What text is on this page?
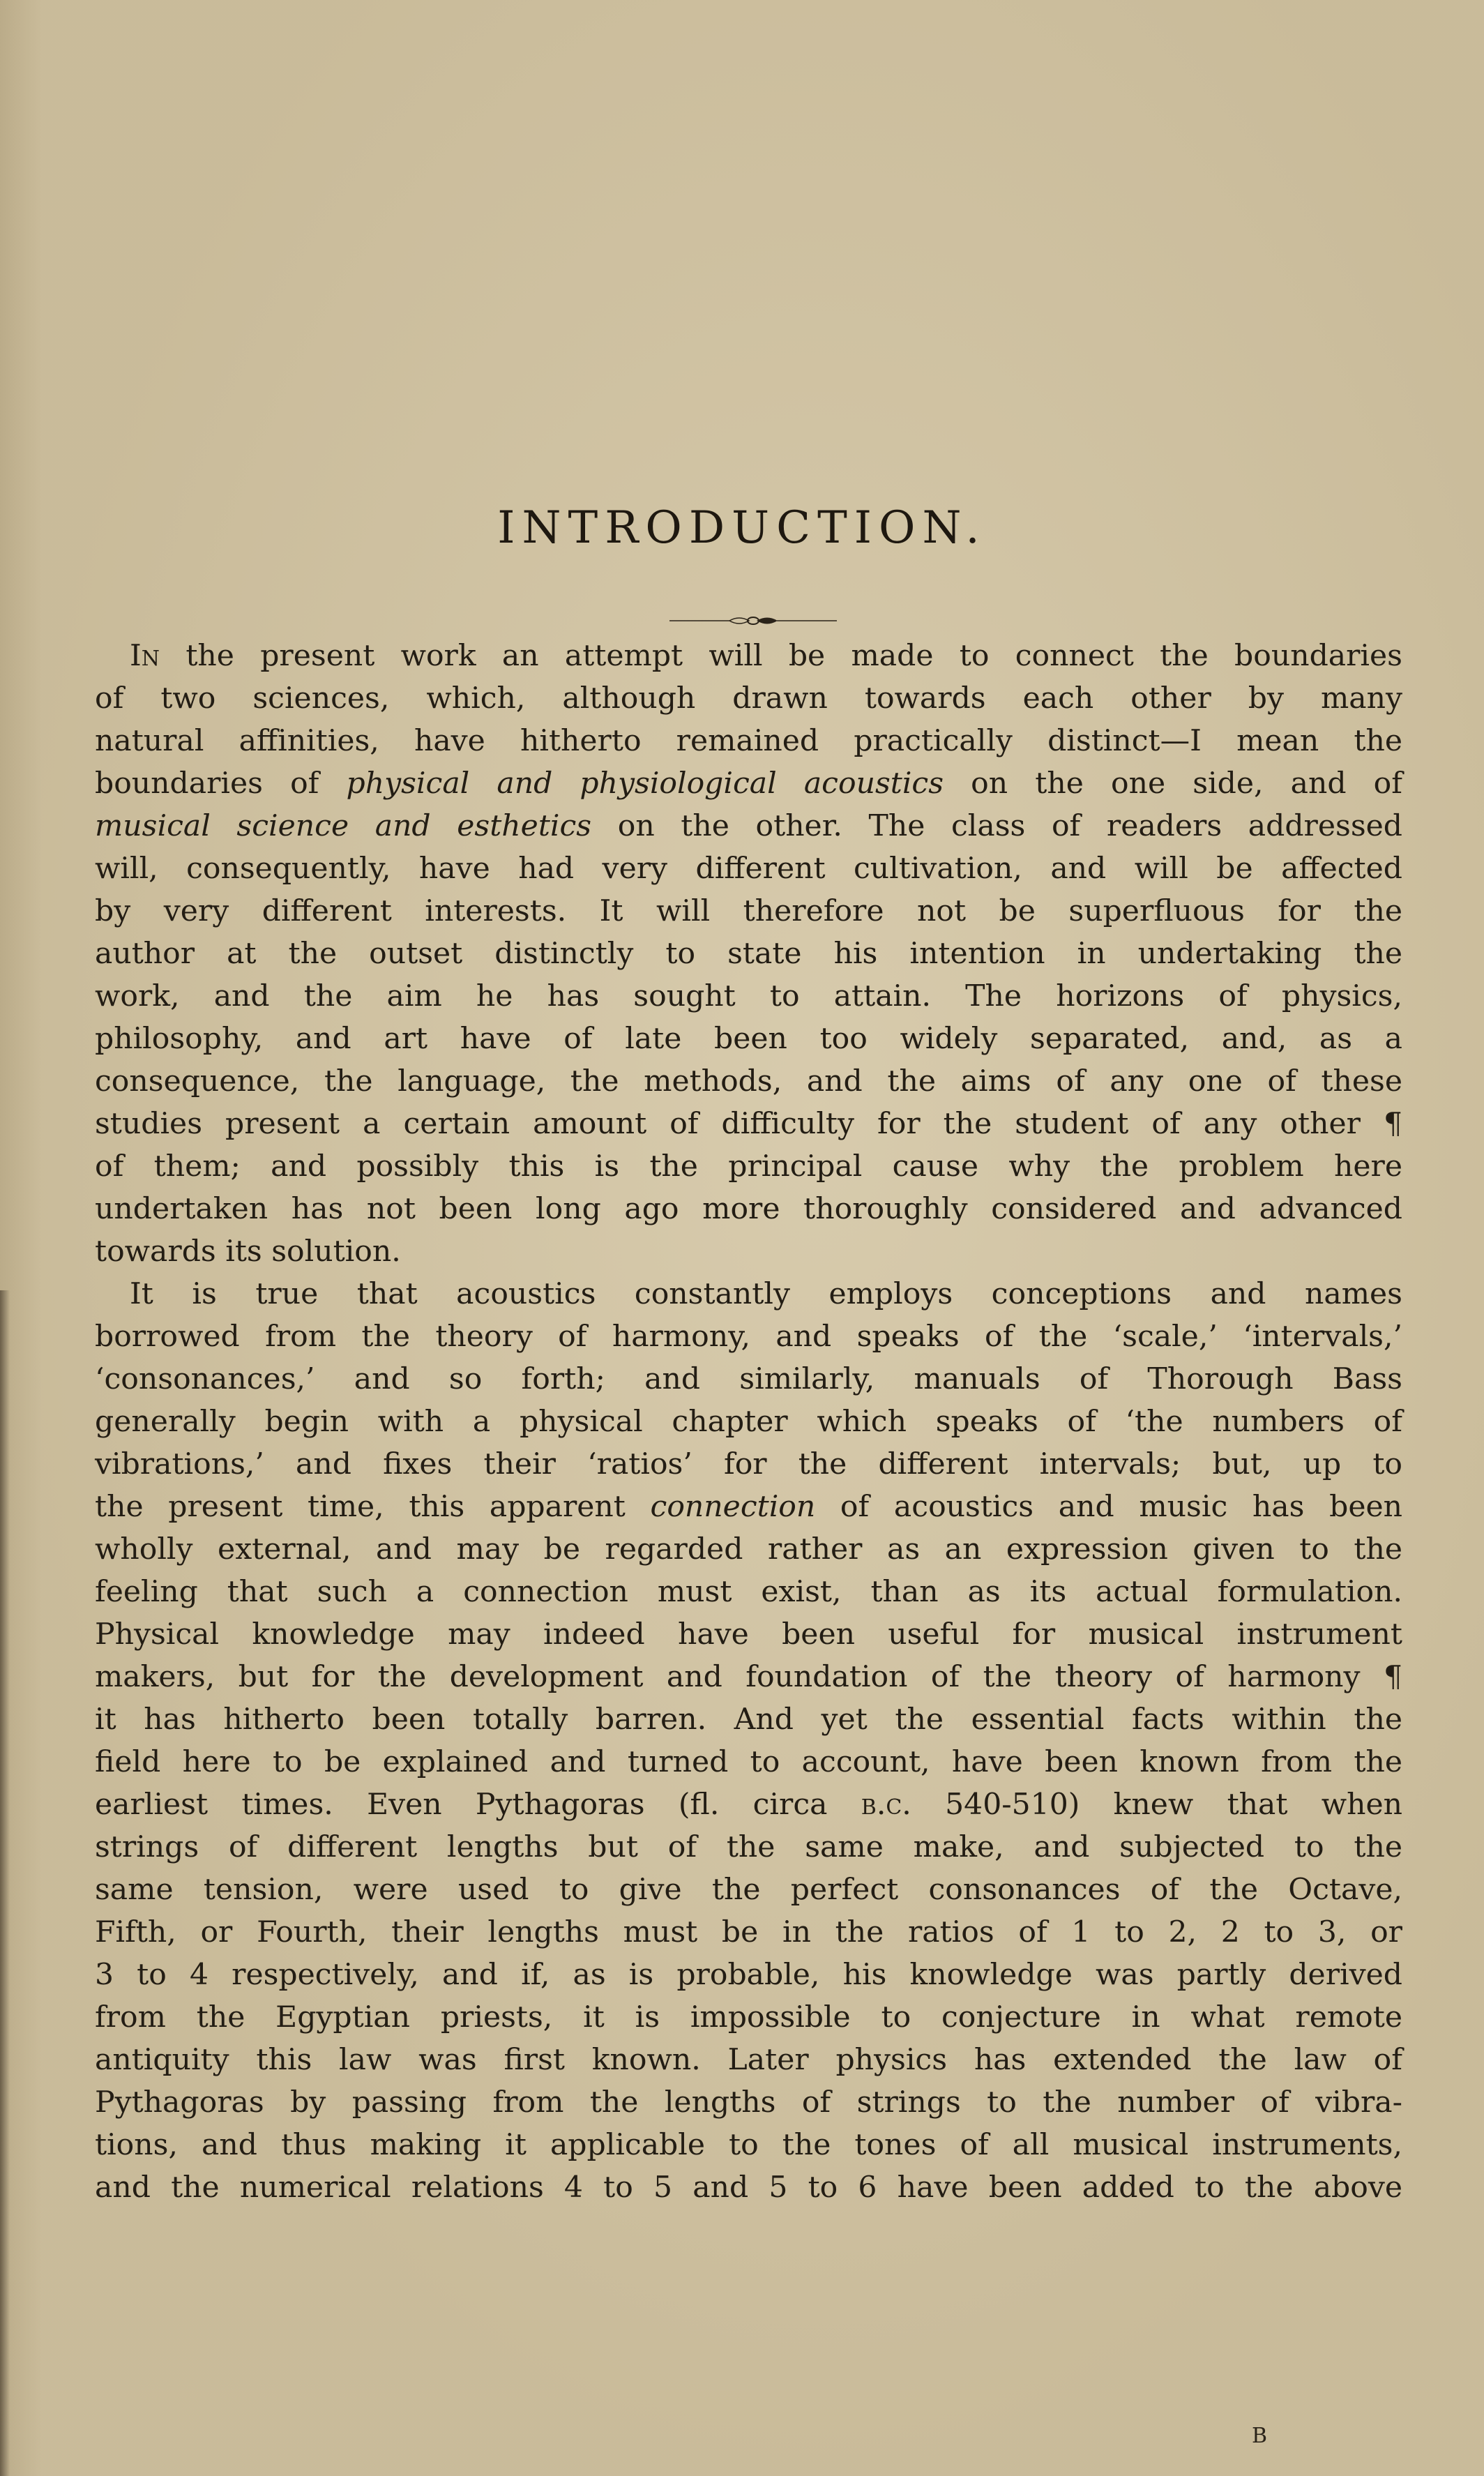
INTRODUCTION.

In the present work an attempt will be made to connect the boundaries
of two sciences, which, although drawn towards each other by many
natural affinities, have hitherto remained practically distinct—I mean the
boundaries of physical and physiological acoustics on the one side, and of
musical science and esthetics on the other. The class of readers addressed
will, consequently, have had very different cultivation, and will be affected
by very different interests. It will therefore not be superfluous for the
author at the outset distinctly to state his intention in undertaking the
work, and the aim he has sought to attain. The horizons of physics,
philosophy, and art have of late been too widely separated, and, as a
consequence, the language, the methods, and the aims of any one of these
studies present a certain amount of difficulty for the student of any other ¶
of them; and possibly this is the principal cause why the problem here
undertaken has not been long ago more thoroughly considered and advanced
towards its solution.

It is true that acoustics constantly employs conceptions and names
borrowed from the theory of harmony, and speaks of the ‘scale,’ ‘intervals,’
‘consonances,’ and so forth; and similarly, manuals of Thorough Bass
generally begin with a physical chapter which speaks of ‘the numbers of
vibrations,’ and fixes their ‘ratios’ for the different intervals; but, up to
the present time, this apparent connection of acoustics and music has been
wholly external, and may be regarded rather as an expression given to the
feeling that such a connection must exist, than as its actual formulation.
Physical knowledge may indeed have been useful for musical instrument
makers, but for the development and foundation of the theory of harmony ¶
it has hitherto been totally barren. And yet the essential facts within the
field here to be explained and turned to account, have been known from the
earliest times. Even Pythagoras (fl. circa b.c. 540-510) knew that when
strings of different lengths but of the same make, and subjected to the
same tension, were used to give the perfect consonances of the Octave,
Fifth, or Fourth, their lengths must be in the ratios of 1 to 2, 2 to 3, or
3 to 4 respectively, and if, as is probable, his knowledge was partly derived
from the Egyptian priests, it is impossible to conjecture in what remote
antiquity this law was first known. Later physics has extended the law of
Pythagoras by passing from the lengths of strings to the number of vibra-
tions, and thus making it applicable to the tones of all musical instruments,
and the numerical relations 4 to 5 and 5 to 6 have been added to the above

B
